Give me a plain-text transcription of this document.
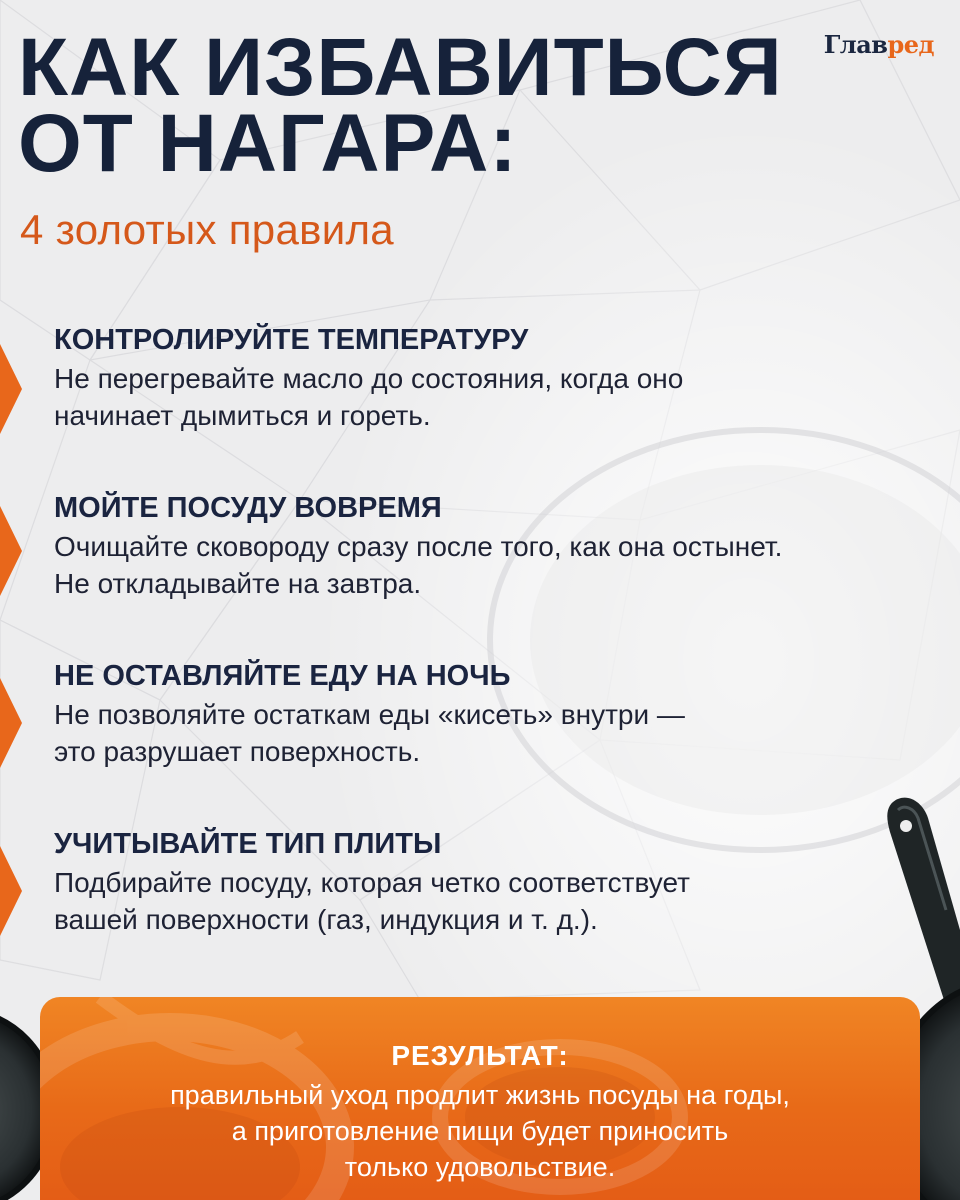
Главред
КАК ИЗБАВИТЬСЯ
ОТ НАГАРА:

4 золотых правила

КОНТРОЛИРУЙТЕ ТЕМПЕРАТУРУ

Не перегревайте масло до состояния, когда оно
начинает дымиться и гореть.

МОЙТЕ ПОСУДУ ВОВРЕМЯ

Очищайте сковороду сразу после того, как она остынет.
Не откладывайте на завтра.

НЕ ОСТАВЛЯЙТЕ ЕДУ НА НОЧЬ

Не позволяйте остаткам еды «кисеть» внутри —
это разрушает поверхность.

УЧИТЫВАЙТЕ ТИП ПЛИТЫ

Подбирайте посуду, которая четко соответствует
вашей поверхности (газ, индукция и т. д.).

РЕЗУЛЬТАТ:

правильный уход продлит жизнь посуды на годы,

а приготовление пищи будет приносить

только удовольствие.
